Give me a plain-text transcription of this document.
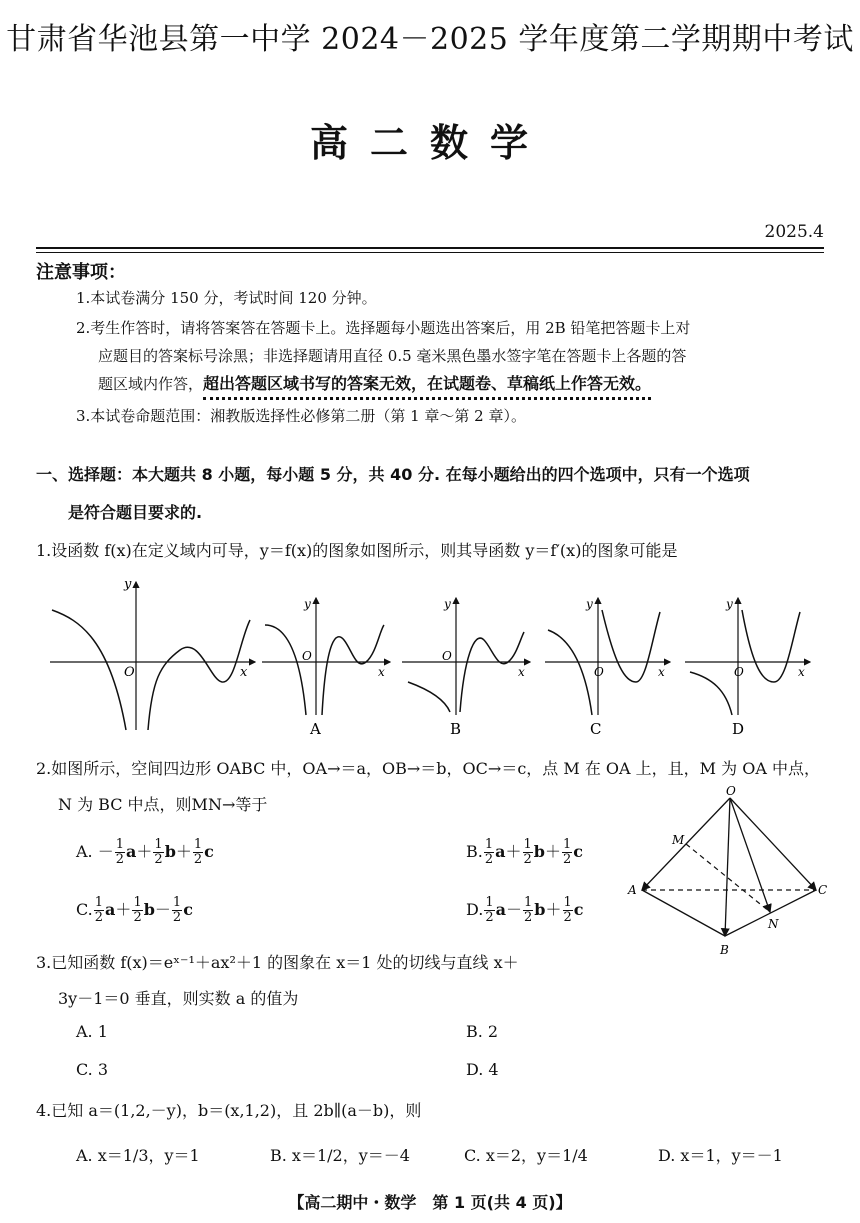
甘肃省华池县第一中学 2024－2025 学年度第二学期期中考试
高二数学
2025.4
注意事项：
1.本试卷满分 150 分，考试时间 120 分钟。
2.考生作答时，请将答案答在答题卡上。选择题每小题选出答案后，用 2B 铅笔把答题卡上对
应题目的答案标号涂黑；非选择题请用直径 0.5 毫米黑色墨水签字笔在答题卡上各题的答
题区域内作答，超出答题区域书写的答案无效，在试题卷、草稿纸上作答无效。
3.本试卷命题范围：湘教版选择性必修第二册（第 1 章～第 2 章）。
一、选择题：本大题共 8 小题，每小题 5 分，共 40 分. 在每小题给出的四个选项中，只有一个选项
是符合题目要求的.
1.设函数 f(x)在定义域内可导，y＝f(x)的图象如图所示，则其导函数 y＝f′(x)的图象可能是
x
y
O	x
y
O
x
y
O
x
y
O	x
y
O
A	B	C	D
2.如图所示，空间四边形 OABC 中，OA→＝a，OB→＝b，OC→＝c，点 M 在 OA 上，且，M 为 OA 中点，
N 为 BC 中点，则MN→等于
A. － $\frac{1}{2} a+ \frac{1}{2} b+ \frac{1}{2}$ c	B. $\frac{1}{2} a+ \frac{1}{2} b+ \frac{1}{2}$ c
C. $\frac{1}{2} a+ \frac{1}{2} b- \frac{1}{2}$ c	D. $\frac{1}{2} a- \frac{1}{2} b+ \frac{1}{2}$ c
O
M
A	C
B
N
3.已知函数 f(x)＝eˣ⁻¹＋ax²＋1 的图象在 x＝1 处的切线与直线 x＋
3y－1＝0 垂直，则实数 a 的值为
A. 1	B. 2
C. 3	D. 4
4.已知 a＝(1,2,－y)，b＝(x,1,2)，且 2b∥(a－b)，则
A. x＝1/3，y＝1	B. x＝1/2，y＝－4	C. x＝2，y＝1/4	D. x＝1，y＝－1
【高二期中・数学　第 1 页(共 4 页)】
